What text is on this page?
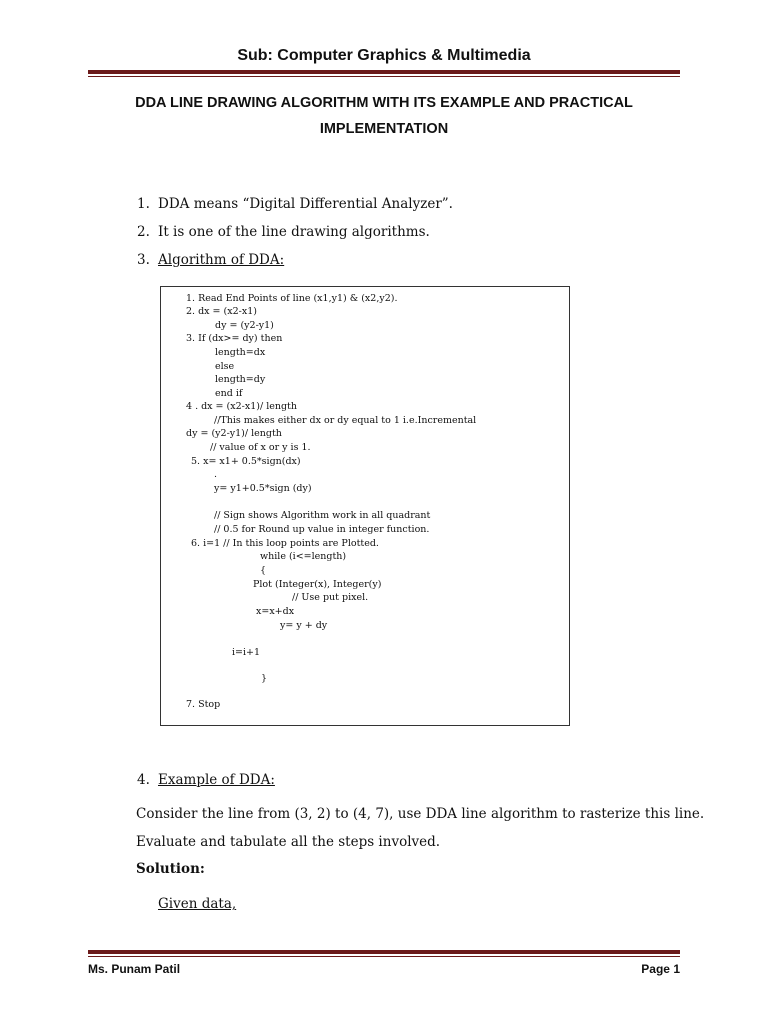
Sub: Computer Graphics & Multimedia
DDA LINE DRAWING ALGORITHM WITH ITS EXAMPLE AND PRACTICAL
IMPLEMENTATION
1. DDA means “Digital Differential Analyzer”.
2. It is one of the line drawing algorithms.
3. Algorithm of DDA:
1. Read End Points of line (x1,y1) & (x2,y2).
2. dx = (x2-x1)
dy = (y2-y1)
3. If (dx>= dy) then
length=dx
else
length=dy
end if
4 . dx = (x2-x1)/ length
//This makes either dx or dy equal to 1 i.e.Incremental
dy = (y2-y1)/ length
// value of x or y is 1.
5. x= x1+ 0.5*sign(dx)
.
y= y1+0.5*sign (dy)
// Sign shows Algorithm work in all quadrant
// 0.5 for Round up value in integer function.
6. i=1 // In this loop points are Plotted.
while (i<=length)
{
Plot (Integer(x), Integer(y)
// Use put pixel.
x=x+dx
y= y + dy
i=i+1
}
7. Stop
4. Example of DDA:
Consider the line from (3, 2) to (4, 7), use DDA line algorithm to rasterize this line.
Evaluate and tabulate all the steps involved.
Solution:
Given data,
Ms. Punam Patil	Page 1
